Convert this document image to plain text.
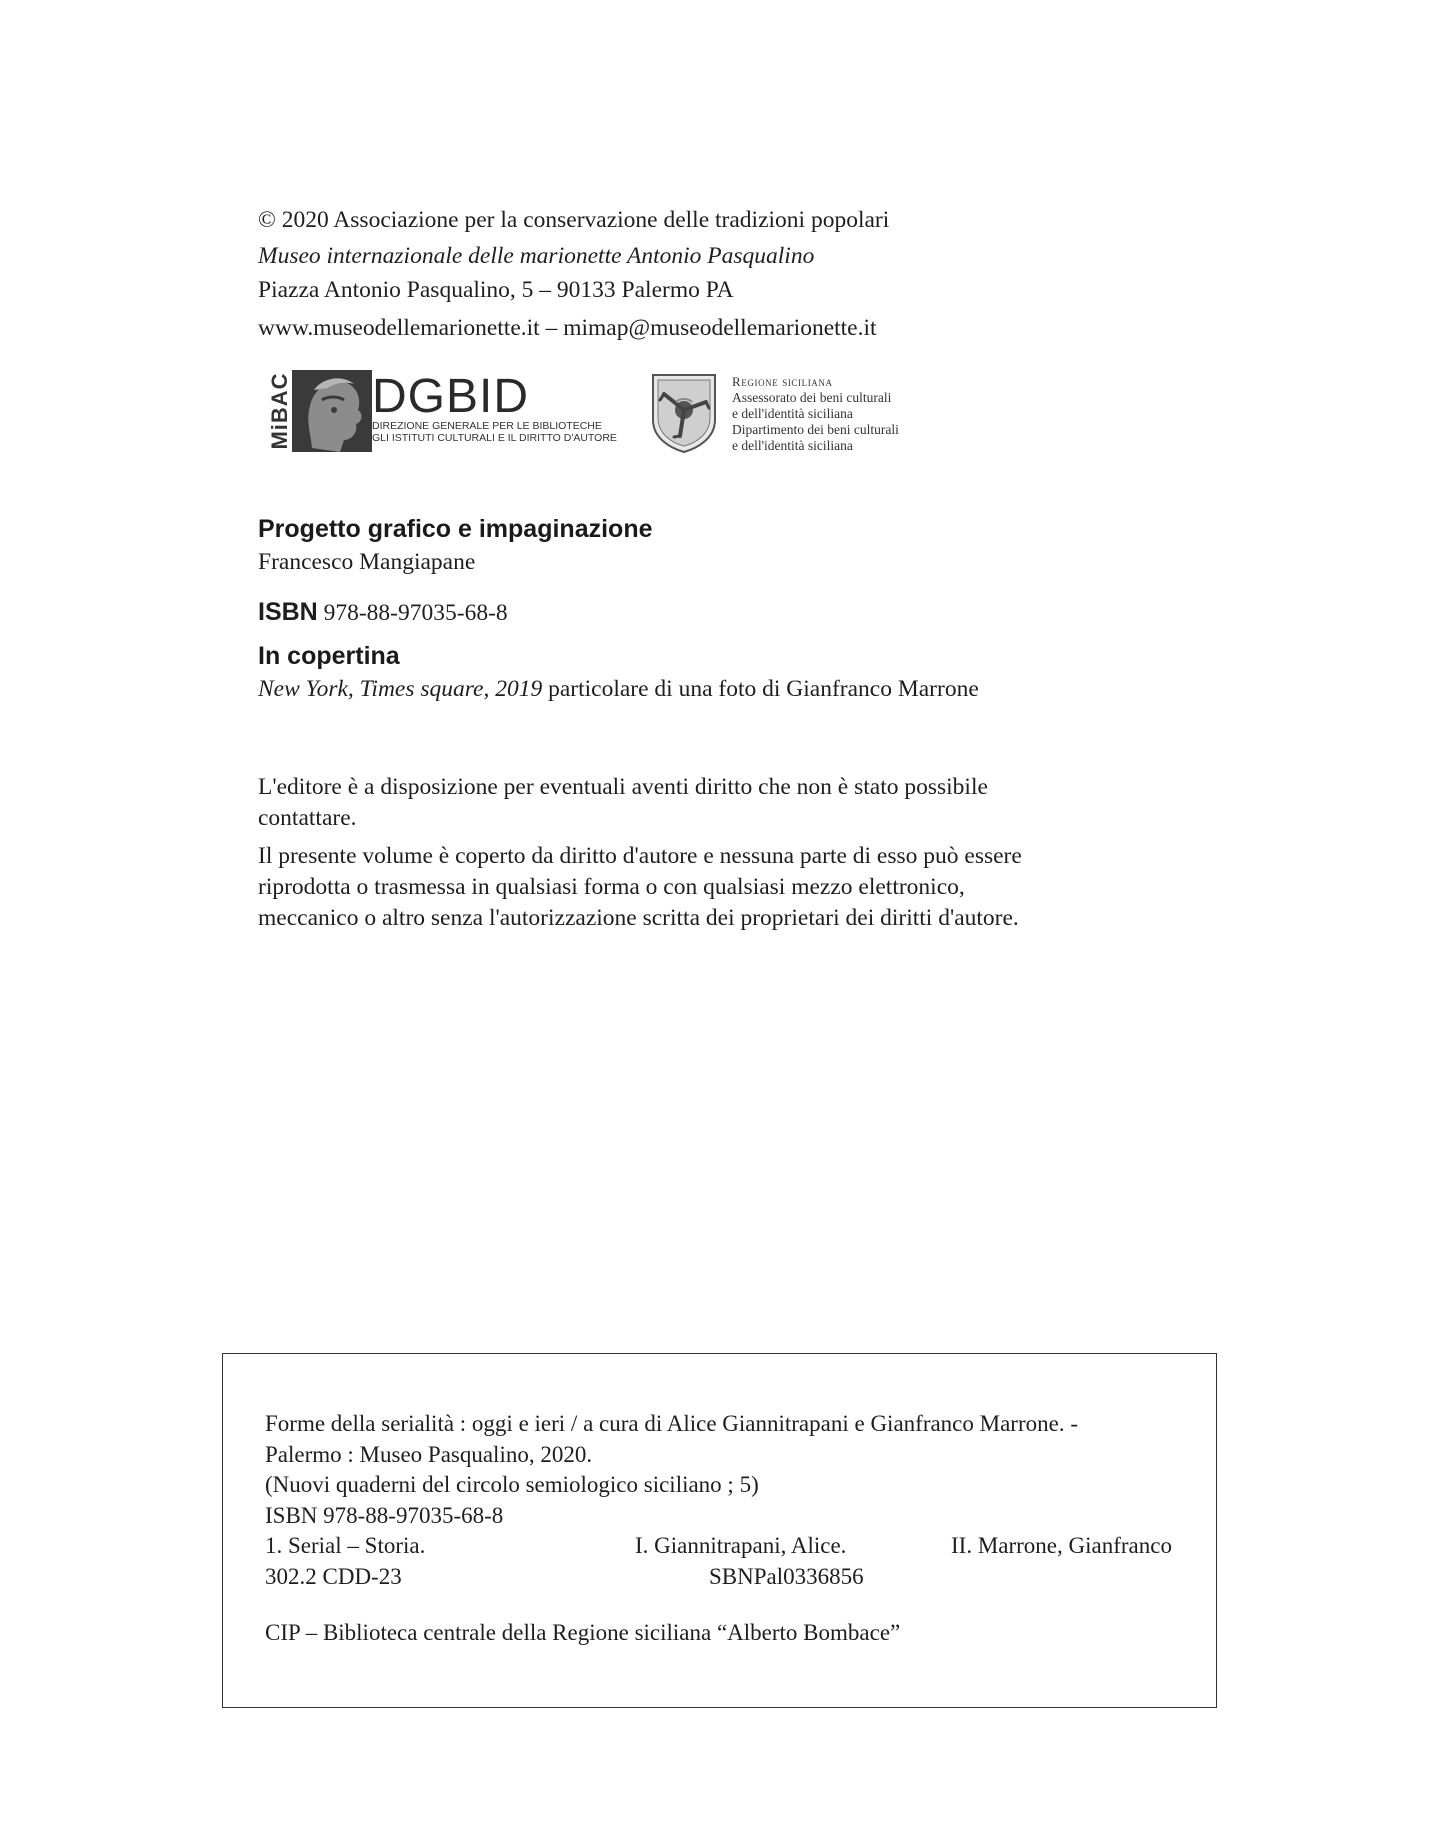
© 2020 Associazione per la conservazione delle tradizioni popolari
Museo internazionale delle marionette Antonio Pasqualino
Piazza Antonio Pasqualino, 5 – 90133 Palermo PA
www.museodellemarionette.it – mimap@museodellemarionette.it
MiBAC DGBID
DIREZIONE GENERALE PER LE BIBLIOTECHE
GLI ISTITUTI CULTURALI E IL DIRITTO D'AUTORE
Regione siciliana
Assessorato dei beni culturali
e dell'identità siciliana
Dipartimento dei beni culturali
e dell'identità siciliana
Progetto grafico e impaginazione
Francesco Mangiapane
ISBN 978-88-97035-68-8
In copertina
New York, Times square, 2019 particolare di una foto di Gianfranco Marrone
L'editore è a disposizione per eventuali aventi diritto che non è stato possibile
contattare.
Il presente volume è coperto da diritto d'autore e nessuna parte di esso può essere
riprodotta o trasmessa in qualsiasi forma o con qualsiasi mezzo elettronico,
meccanico o altro senza l'autorizzazione scritta dei proprietari dei diritti d'autore.
Forme della serialità : oggi e ieri / a cura di Alice Giannitrapani e Gianfranco Marrone. -
Palermo : Museo Pasqualino, 2020.
(Nuovi quaderni del circolo semiologico siciliano ; 5)
ISBN 978-88-97035-68-8
1. Serial – Storia.	I. Giannitrapani, Alice.	II. Marrone, Gianfranco
302.2 CDD-23	SBNPal0336856
CIP – Biblioteca centrale della Regione siciliana “Alberto Bombace”
